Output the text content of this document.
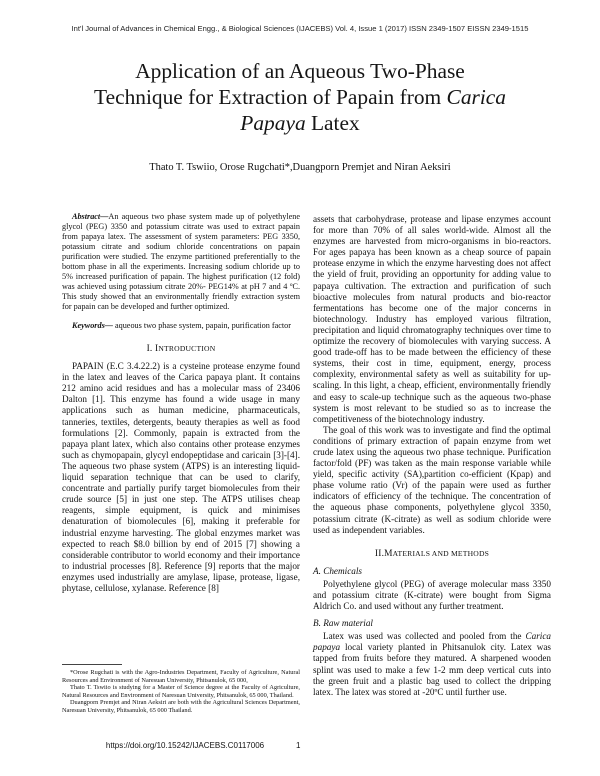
Int'l Journal of Advances in Chemical Engg., & Biological Sciences (IJACEBS) Vol. 4, Issue 1 (2017) ISSN 2349-1507 EISSN 2349-1515
Application of an Aqueous Two-Phase
Technique for Extraction of Papain from Carica
Papaya Latex
Thato T. Tswiio, Orose Rugchati*,Duangporn Premjet and Niran Aeksiri

Abstract—An aqueous two phase system made up of polyethylene glycol (PEG) 3350 and potassium citrate was used to extract papain from papaya latex. The assessment of system parameters: PEG 3350, potassium citrate and sodium chloride concentrations on papain purification were studied. The enzyme partitioned preferentially to the bottom phase in all the experiments. Increasing sodium chloride up to 5% increased purification of papain. The highest purification (12 fold) was achieved using potassium citrate 20%- PEG14% at pH 7 and 4 ºC. This study showed that an environmentally friendly extraction system for papain can be developed and further optimized.

Keywords— aqueous two phase system, papain, purification factor

I. INTRODUCTION

PAPAIN (E.C 3.4.22.2) is a cysteine protease enzyme found in the latex and leaves of the Carica papaya plant. It contains 212 amino acid residues and has a molecular mass of 23406 Dalton [1]. This enzyme has found a wide usage in many applications such as human medicine, pharmaceuticals, tanneries, textiles, detergents, beauty therapies as well as food formulations [2]. Commonly, papain is extracted from the papaya plant latex, which also contains other protease enzymes such as chymopapain, glycyl endopeptidase and caricain [3]-[4]. The aqueous two phase system (ATPS) is an interesting liquid-liquid separation technique that can be used to clarify, concentrate and partially purify target biomolecules from their crude source [5] in just one step. The ATPS utilises cheap reagents, simple equipment, is quick and minimises denaturation of biomolecules [6], making it preferable for industrial enzyme harvesting. The global enzymes market was expected to reach $8.0 billion by end of 2015 [7] showing a considerable contributor to world economy and their importance to industrial processes [8]. Reference [9] reports that the major enzymes used industrially are amylase, lipase, protease, ligase, phytase, cellulose, xylanase. Reference [8]

assets that carbohydrase, protease and lipase enzymes account for more than 70% of all sales world-wide. Almost all the enzymes are harvested from micro-organisms in bio-reactors. For ages papaya has been known as a cheap source of papain protease enzyme in which the enzyme harvesting does not affect the yield of fruit, providing an opportunity for adding value to papaya cultivation. The extraction and purification of such bioactive molecules from natural products and bio-reactor fermentations has become one of the major concerns in biotechnology. Industry has employed various filtration, precipitation and liquid chromatography techniques over time to optimize the recovery of biomolecules with varying success. A good trade-off has to be made between the efficiency of these systems, their cost in time, equipment, energy, process complexity, environmental safety as well as suitability for up-scaling. In this light, a cheap, efficient, environmentally friendly and easy to scale-up technique such as the aqueous two-phase system is most relevant to be studied so as to increase the competitiveness of the biotechnology industry.

The goal of this work was to investigate and find the optimal conditions of primary extraction of papain enzyme from wet crude latex using the aqueous two phase technique. Purification factor/fold (PF) was taken as the main response variable while yield, specific activity (SA),partition co-efficient (Kpap) and phase volume ratio (Vr) of the papain were used as further indicators of efficiency of the technique. The concentration of the aqueous phase components, polyethylene glycol 3350, potassium citrate (K-citrate) as well as sodium chloride were used as independent variables.

II.MATERIALS AND METHODS

A. Chemicals

Polyethylene glycol (PEG) of average molecular mass 3350 and potassium citrate (K-citrate) were bought from Sigma Aldrich Co. and used without any further treatment.

B. Raw material

Latex was used was collected and pooled from the Carica papaya local variety planted in Phitsanulok city. Latex was tapped from fruits before they matured. A sharpened wooden splint was used to make a few 1-2 mm deep vertical cuts into the green fruit and a plastic bag used to collect the dripping latex. The latex was stored at -20ºC until further use.

*Orose Rugchati is with the Agro-Industries Department, Faculty of Agriculture, Natural Resources and Environment of Naresuan University, Phitsanulok, 65 000,

Thato T. Tswiio is studying for a Master of Science degree at the Faculty of Agriculture, Natural Resources and Environment of Naresuan University, Phitsanulok, 65 000, Thailand.

Duangporn Premjet and Niran Aeksiri are both with the Agricultural Sciences Department, Naresuan University, Phitsanulok, 65 000 Thailand.

https://doi.org/10.15242/IJACEBS.C0117006	1
